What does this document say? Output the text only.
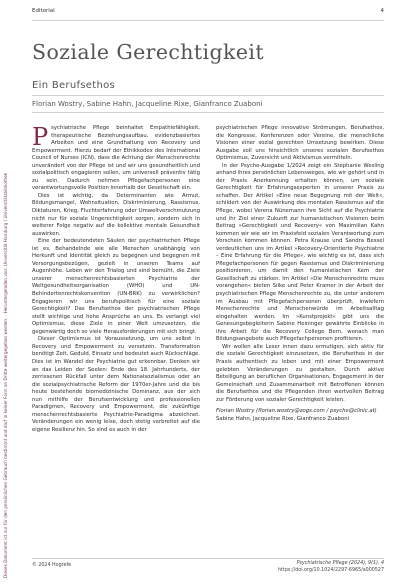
Dieses Dokument ist nur für den persönlichen Gebrauch bestimmt und darf in keiner Form an Dritte weitergegeben werden. - Heruntergeladen von: Universität Hamburg / Universitätsbibliothek
Editorial	4
Soziale Gerechtigkeit
Ein Berufsethos
Florian Wostry, Sabine Hahn, Jacqueline Rixe, Gianfranco Zuaboni

Psychiatrische Pflege beinhaltet Empathiefähigkeit, therapeutische Beziehungsaufbau, evidenzbasiertes Arbeiten und eine Grundhaltung von Recovery und Empowerment. Hierzu bedarf der Ethikkodex des International Council of Nurses (ICN), dass die Achtung der Menschenrechte unverändert von der Pflege ist und wir uns gesundheitlich und sozialpolitisch engagieren sollen, um universell präventiv tätig zu sein. Dadurch nehmen Pflegefachpersonen eine verantwortungsvolle Position innerhalb der Gesellschaft ein.

Dies ist wichtig, da Determinanten wie Armut, Bildungsmangel, Wohnsituation, Diskriminierung, Rassismus, Diktaturen, Krieg, Fluchterfahrung oder Umweltverschmutzung nicht nur für soziale Ungerechtigkeit sorgen, sondern sich in weiterer Folge negativ auf die kollektive mentale Gesundheit auswirken.

Eine der bedeutendsten Säulen der psychiatrischen Pflege ist es, Behandelnde wie alle Menschen unabhängig von Herkunft und Identität gleich zu begegnen und begegnen mit Versorgungsbezügen, gezielt in unseren Teams auf Augenhöhe. Leben wir den Trialog und sind bemüht, die Ziele unserer menschenrechtsbasierten Psychiatrie der Weltgesundheitsorganisation (WHO) und UN-Behindertenrechtskonvention (UN-BRK) zu verwirklichen? Engagieren wir uns berufspolitisch für eine soziale Gerechtigkeit? Das Berufsethos der psychiatrischen Pflege stellt wichtige und hohe Ansprüche an uns. Es verlangt viel Optimismus, diese Ziele in einer Welt umzusetzen, die gegenwärtig doch so viele Herausforderungen mit sich bringt.

Dieser Optimismus ist Voraussetzung, um uns selbst in Recovery und Empowerment zu versetzen. Transformation benötigt Zeit, Geduld, Einsatz und bedeutet auch Rückschläge. Dies ist im Wandel der Psychiatrie gut erkennbar. Denken wir an das Leiden der Seelen: Ende des 18. Jahrhunderts, der zerrissenen Rückfall unter dem Nationalsozialismus oder an die sozialpsychiatrische Reform der 1970er-Jahre und die bis heute bestehende biomedizinische Dominanz, aus der sich nun mithilfe der Berufsentwicklung und professionellen Paradigmen, Recovery und Empowerment, die zukünftige menschenrechtsbasierte Psychiatrie-Paradigma abzeichnet. Veränderungen ein wenig leise, doch stetig verbreitet auf die eigene Resilienz hin. So sind es auch in der

psychiatrischen Pflege innovative Strömungen, Berufsethos, die Kongresse, Konferenzen oder Vereine, die menschliche Visionen einer sozial gerechten Umsetzung bewirken. Diese Ausgabe soll uns hinsichtlich unseres sozialen Berufsethos Optimismus, Zuversicht und Aktivismus vermitteln.

In der Psyche-Ausgabe 1/2024 zeigt ein Stephanie Wesling anhand ihres persönlichen Lebensweges, wie wir gehört und in der Praxis Anerkennung erhalten können, um soziale Gerechtigkeit für Erfahrungsexperten in unserer Praxis zu schaffen. Der Artikel »Eine neue Begegnung mit der Welt«, schildert von der Auswirkung des mentalen Rassismus auf die Pflege, wobei Verena Nünemann ihre Sicht auf die Psychiatrie und ihr Ziel einer Zukunft zur humanistischen Visionen beim Beitrag »Gerechtigkeit und Recovery« von Maximilian Kahn kommen wir wie wir im Praxisfeld sozialen Verantwortung zum Vorschein kommen können. Petra Krause und Sandra Bessel verdeutlichen uns im Artikel »Recovery-Orientierte Psychiatrie – Eine Erfahrung für die Pflege«, wie wichtig es ist, dass sich Pflegefachpersonen für gegen Rassismus und Diskriminierung positionieren, um damit den humanistischen Kern der Gesellschaft zu stärken. Im Artikel »Die Menschenrechte muss vorangehen« bieten Silke und Peter Kramer in der Arbeit der psychiatrischen Pflege Menschenrechte zu, die unter anderem im Ausbau mit Pflegefachpersonen überprüft, inwiefern Menschenrechte und Menschenwürde im Arbeitsalltag eingehalten werden. Im »Kunstprojekt« gibt uns die Genesungsbegleiterin Sabine Heininger gewährte Einblicke in ihre Arbeit für die Recovery College Bern, wonach man Bildungsangebote auch Pflegefachpersonen profitieren.

Wir wollen alle Leser innen dazu ermutigen, sich aktiv für die soziale Gerechtigkeit einzusetzen, die Berufsethos in der Praxis authentisch zu leben und mit einer Empowerment gelebten Veränderungen zu gestalten. Durch aktive Beteiligung an beruflichen Organisationen, Engagement in der Gemeinschaft und Zusammenarbeit mit Betroffenen können die Berufsethos und die Pflegenden ihren wertvollen Beitrag zur Förderung von sozialer Gerechtigkeit leisten.

Florian Wostry (florian.wostry@zogs.com / psyche@clinic.at)

Sabine Hahn, Jacqueline Rixe, Gianfranco Zuaboni

© 2024 Hogrefe	Psychiatrische Pflege (2024), 9(1), 4
https://doi.org/10.1024/2297-6965/a000527
